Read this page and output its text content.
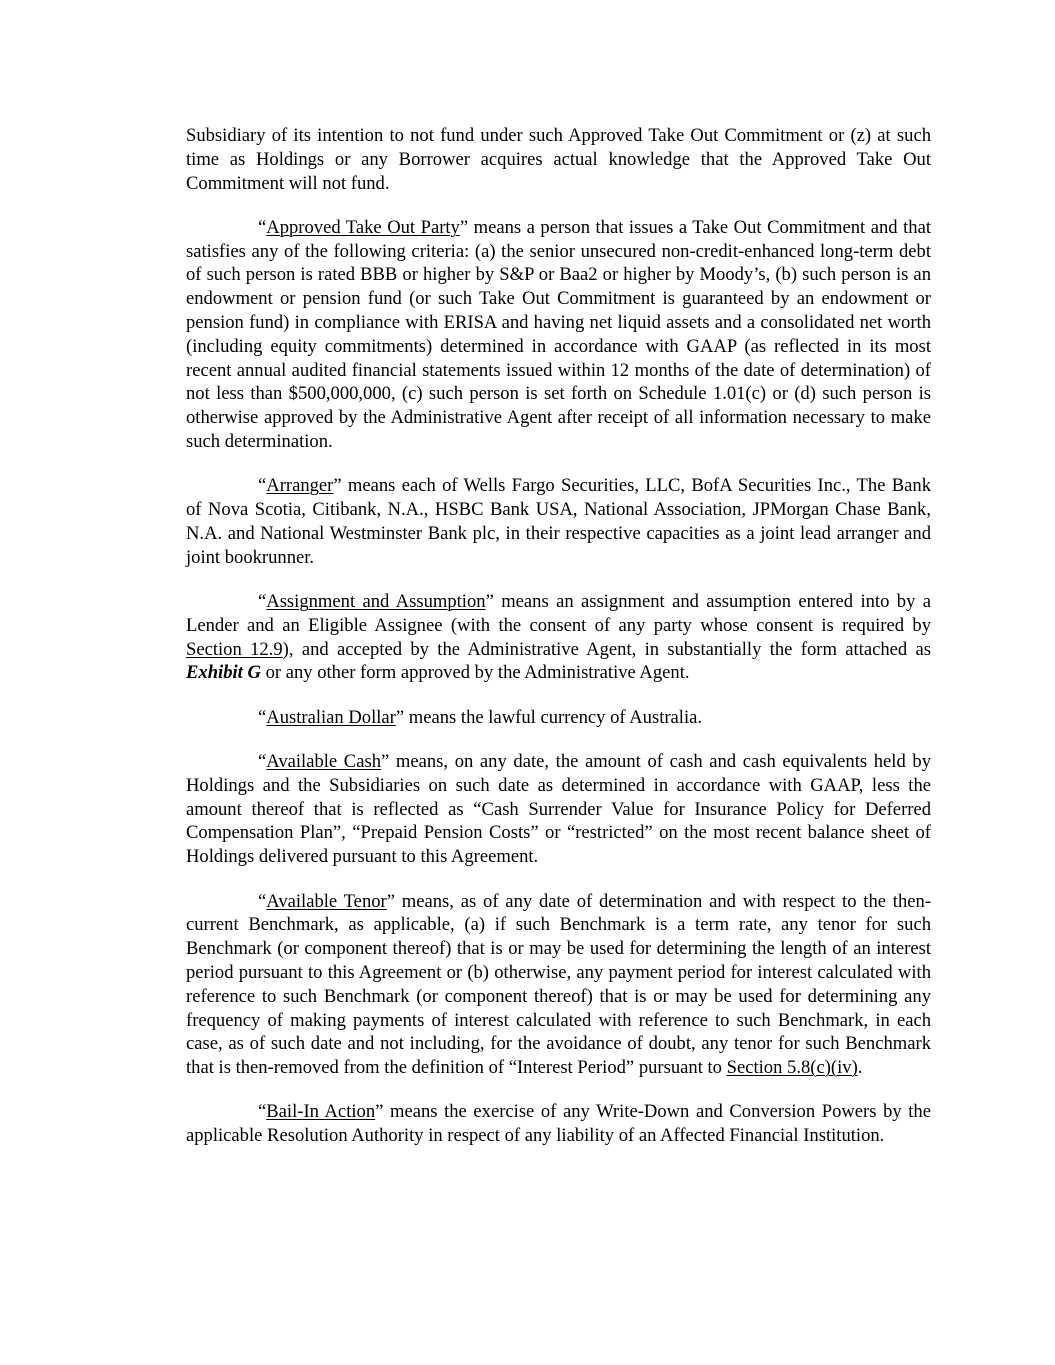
Subsidiary of its intention to not fund under such Approved Take Out Commitment or (z) at such time as Holdings or any Borrower acquires actual knowledge that the Approved Take Out Commitment will not fund.

“Approved Take Out Party” means a person that issues a Take Out Commitment and that satisfies any of the following criteria: (a) the senior unsecured non-credit-enhanced long-term debt of such person is rated BBB or higher by S&P or Baa2 or higher by Moody’s, (b) such person is an endowment or pension fund (or such Take Out Commitment is guaranteed by an endowment or pension fund) in compliance with ERISA and having net liquid assets and a consolidated net worth (including equity commitments) determined in accordance with GAAP (as reflected in its most recent annual audited financial statements issued within 12 months of the date of determination) of not less than $500,000,000, (c) such person is set forth on Schedule 1.01(c) or (d) such person is otherwise approved by the Administrative Agent after receipt of all information necessary to make such determination.

“Arranger” means each of Wells Fargo Securities, LLC, BofA Securities Inc., The Bank of Nova Scotia, Citibank, N.A., HSBC Bank USA, National Association, JPMorgan Chase Bank, N.A. and National Westminster Bank plc, in their respective capacities as a joint lead arranger and joint bookrunner.

“Assignment and Assumption” means an assignment and assumption entered into by a Lender and an Eligible Assignee (with the consent of any party whose consent is required by Section 12.9), and accepted by the Administrative Agent, in substantially the form attached as Exhibit G or any other form approved by the Administrative Agent.

“Australian Dollar” means the lawful currency of Australia.

“Available Cash” means, on any date, the amount of cash and cash equivalents held by Holdings and the Subsidiaries on such date as determined in accordance with GAAP, less the amount thereof that is reflected as “Cash Surrender Value for Insurance Policy for Deferred Compensation Plan”, “Prepaid Pension Costs” or “restricted” on the most recent balance sheet of Holdings delivered pursuant to this Agreement.

“Available Tenor” means, as of any date of determination and with respect to the then-current Benchmark, as applicable, (a) if such Benchmark is a term rate, any tenor for such Benchmark (or component thereof) that is or may be used for determining the length of an interest period pursuant to this Agreement or (b) otherwise, any payment period for interest calculated with reference to such Benchmark (or component thereof) that is or may be used for determining any frequency of making payments of interest calculated with reference to such Benchmark, in each case, as of such date and not including, for the avoidance of doubt, any tenor for such Benchmark that is then-removed from the definition of “Interest Period” pursuant to Section 5.8(c)(iv).

“Bail-In Action” means the exercise of any Write-Down and Conversion Powers by the applicable Resolution Authority in respect of any liability of an Affected Financial Institution.
